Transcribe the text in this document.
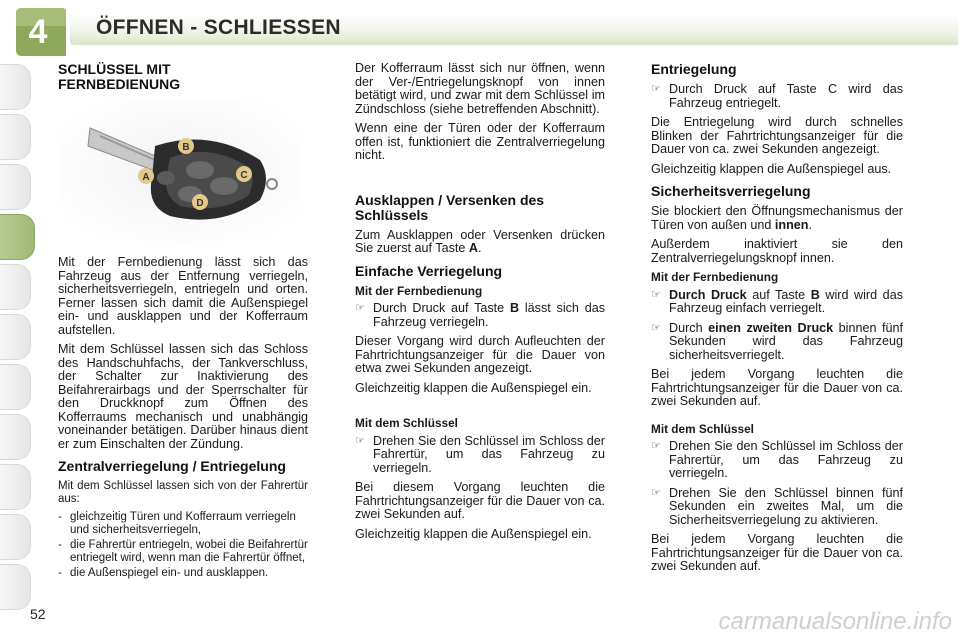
4	ÖFFNEN - SCHLIESSEN
SCHLÜSSEL MIT FERNBEDIENUNG
A
B
C
D

Mit der Fernbedienung lässt sich das Fahrzeug aus der Entfernung verriegeln, sicherheitsverriegeln, entriegeln und orten. Ferner lassen sich damit die Außenspiegel ein- und ausklappen und der Kofferraum aufstellen.

Mit dem Schlüssel lassen sich das Schloss des Handschuhfachs, der Tankverschluss, der Schalter zur Inaktivierung des Beifahrerairbags und der Sperrschalter für den Druckknopf zum Öffnen des Kofferraums mechanisch und unabhängig voneinander betätigen. Darüber hinaus dient er zum Einschalten der Zündung.

Zentralverriegelung / Entriegelung

Mit dem Schlüssel lassen sich von der Fahrertür aus:

- gleichzeitig Türen und Kofferraum verriegeln und sicherheitsverriegeln,
- die Fahrertür entriegeln, wobei die Beifahrertür entriegelt wird, wenn man die Fahrertür öffnet,
- die Außenspiegel ein- und ausklappen.

Der Kofferraum lässt sich nur öffnen, wenn der Ver-/Entriegelungsknopf von innen betätigt wird, und zwar mit dem Schlüssel im Zündschloss (siehe betreffenden Abschnitt).

Wenn eine der Türen oder der Kofferraum offen ist, funktioniert die Zentralverriegelung nicht.

Ausklappen / Versenken des Schlüssels

Zum Ausklappen oder Versenken drücken Sie zuerst auf Taste A.

Einfache Verriegelung
Mit der Fernbedienung
☞ Durch Druck auf Taste B lässt sich das Fahrzeug verriegeln.

Dieser Vorgang wird durch Aufleuchten der Fahrtrichtungsanzeiger für die Dauer von etwa zwei Sekunden angezeigt.

Gleichzeitig klappen die Außenspiegel ein.

Mit dem Schlüssel
☞ Drehen Sie den Schlüssel im Schloss der Fahrertür, um das Fahrzeug zu verriegeln.

Bei diesem Vorgang leuchten die Fahrtrichtungsanzeiger für die Dauer von ca. zwei Sekunden auf.

Gleichzeitig klappen die Außenspiegel ein.

Entriegelung
☞ Durch Druck auf Taste C wird das Fahrzeug entriegelt.

Die Entriegelung wird durch schnelles Blinken der Fahrtrichtungsanzeiger für die Dauer von ca. zwei Sekunden angezeigt.

Gleichzeitig klappen die Außenspiegel aus.

Sicherheitsverriegelung

Sie blockiert den Öffnungsmechanismus der Türen von außen und innen.

Außerdem inaktiviert sie den Zentralverriegelungsknopf innen.

Mit der Fernbedienung
☞ Durch Druck auf Taste B wird wird das Fahrzeug einfach verriegelt.
☞ Durch einen zweiten Druck binnen fünf Sekunden wird das Fahrzeug sicherheitsverriegelt.

Bei jedem Vorgang leuchten die Fahrtrichtungsanzeiger für die Dauer von ca. zwei Sekunden auf.

Mit dem Schlüssel
☞ Drehen Sie den Schlüssel im Schloss der Fahrertür, um das Fahrzeug zu verriegeln.
☞ Drehen Sie den Schlüssel binnen fünf Sekunden ein zweites Mal, um die Sicherheitsverriegelung zu aktivieren.

Bei jedem Vorgang leuchten die Fahrtrichtungsanzeiger für die Dauer von ca. zwei Sekunden auf.

52	carmanualsonline.info
